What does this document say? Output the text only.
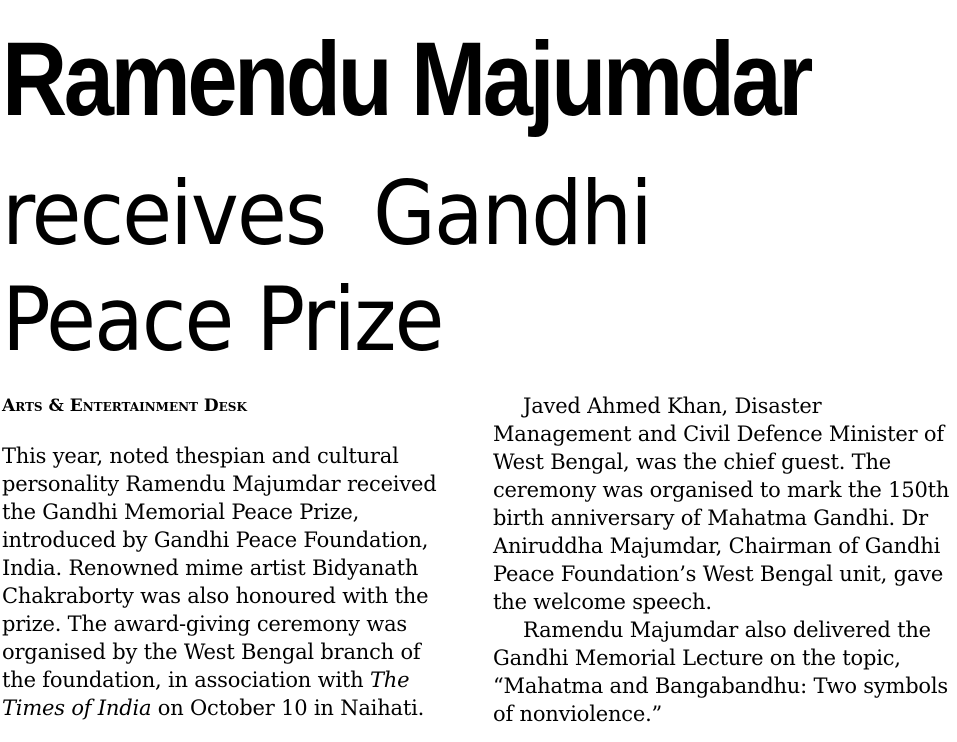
Ramendu Majumdar
receives  Gandhi
Peace Prize
Arts & Entertainment Desk

This year, noted thespian and cultural personality Ramendu Majumdar received the Gandhi Memorial Peace Prize, introduced by Gandhi Peace Foundation, India. Renowned mime artist Bidyanath Chakraborty was also honoured with the prize. The award-giving ceremony was organised by the West Bengal branch of the foundation, in association with The Times of India on October 10 in Naihati.

Javed Ahmed Khan, Disaster Management and Civil Defence Minister of West Bengal, was the chief guest. The ceremony was organised to mark the 150th birth anniversary of Mahatma Gandhi. Dr Aniruddha Majumdar, Chairman of Gandhi Peace Foundation’s West Bengal unit, gave the welcome speech.

Ramendu Majumdar also delivered the Gandhi Memorial Lecture on the topic, “Mahatma and Bangabandhu: Two symbols of nonviolence.”
